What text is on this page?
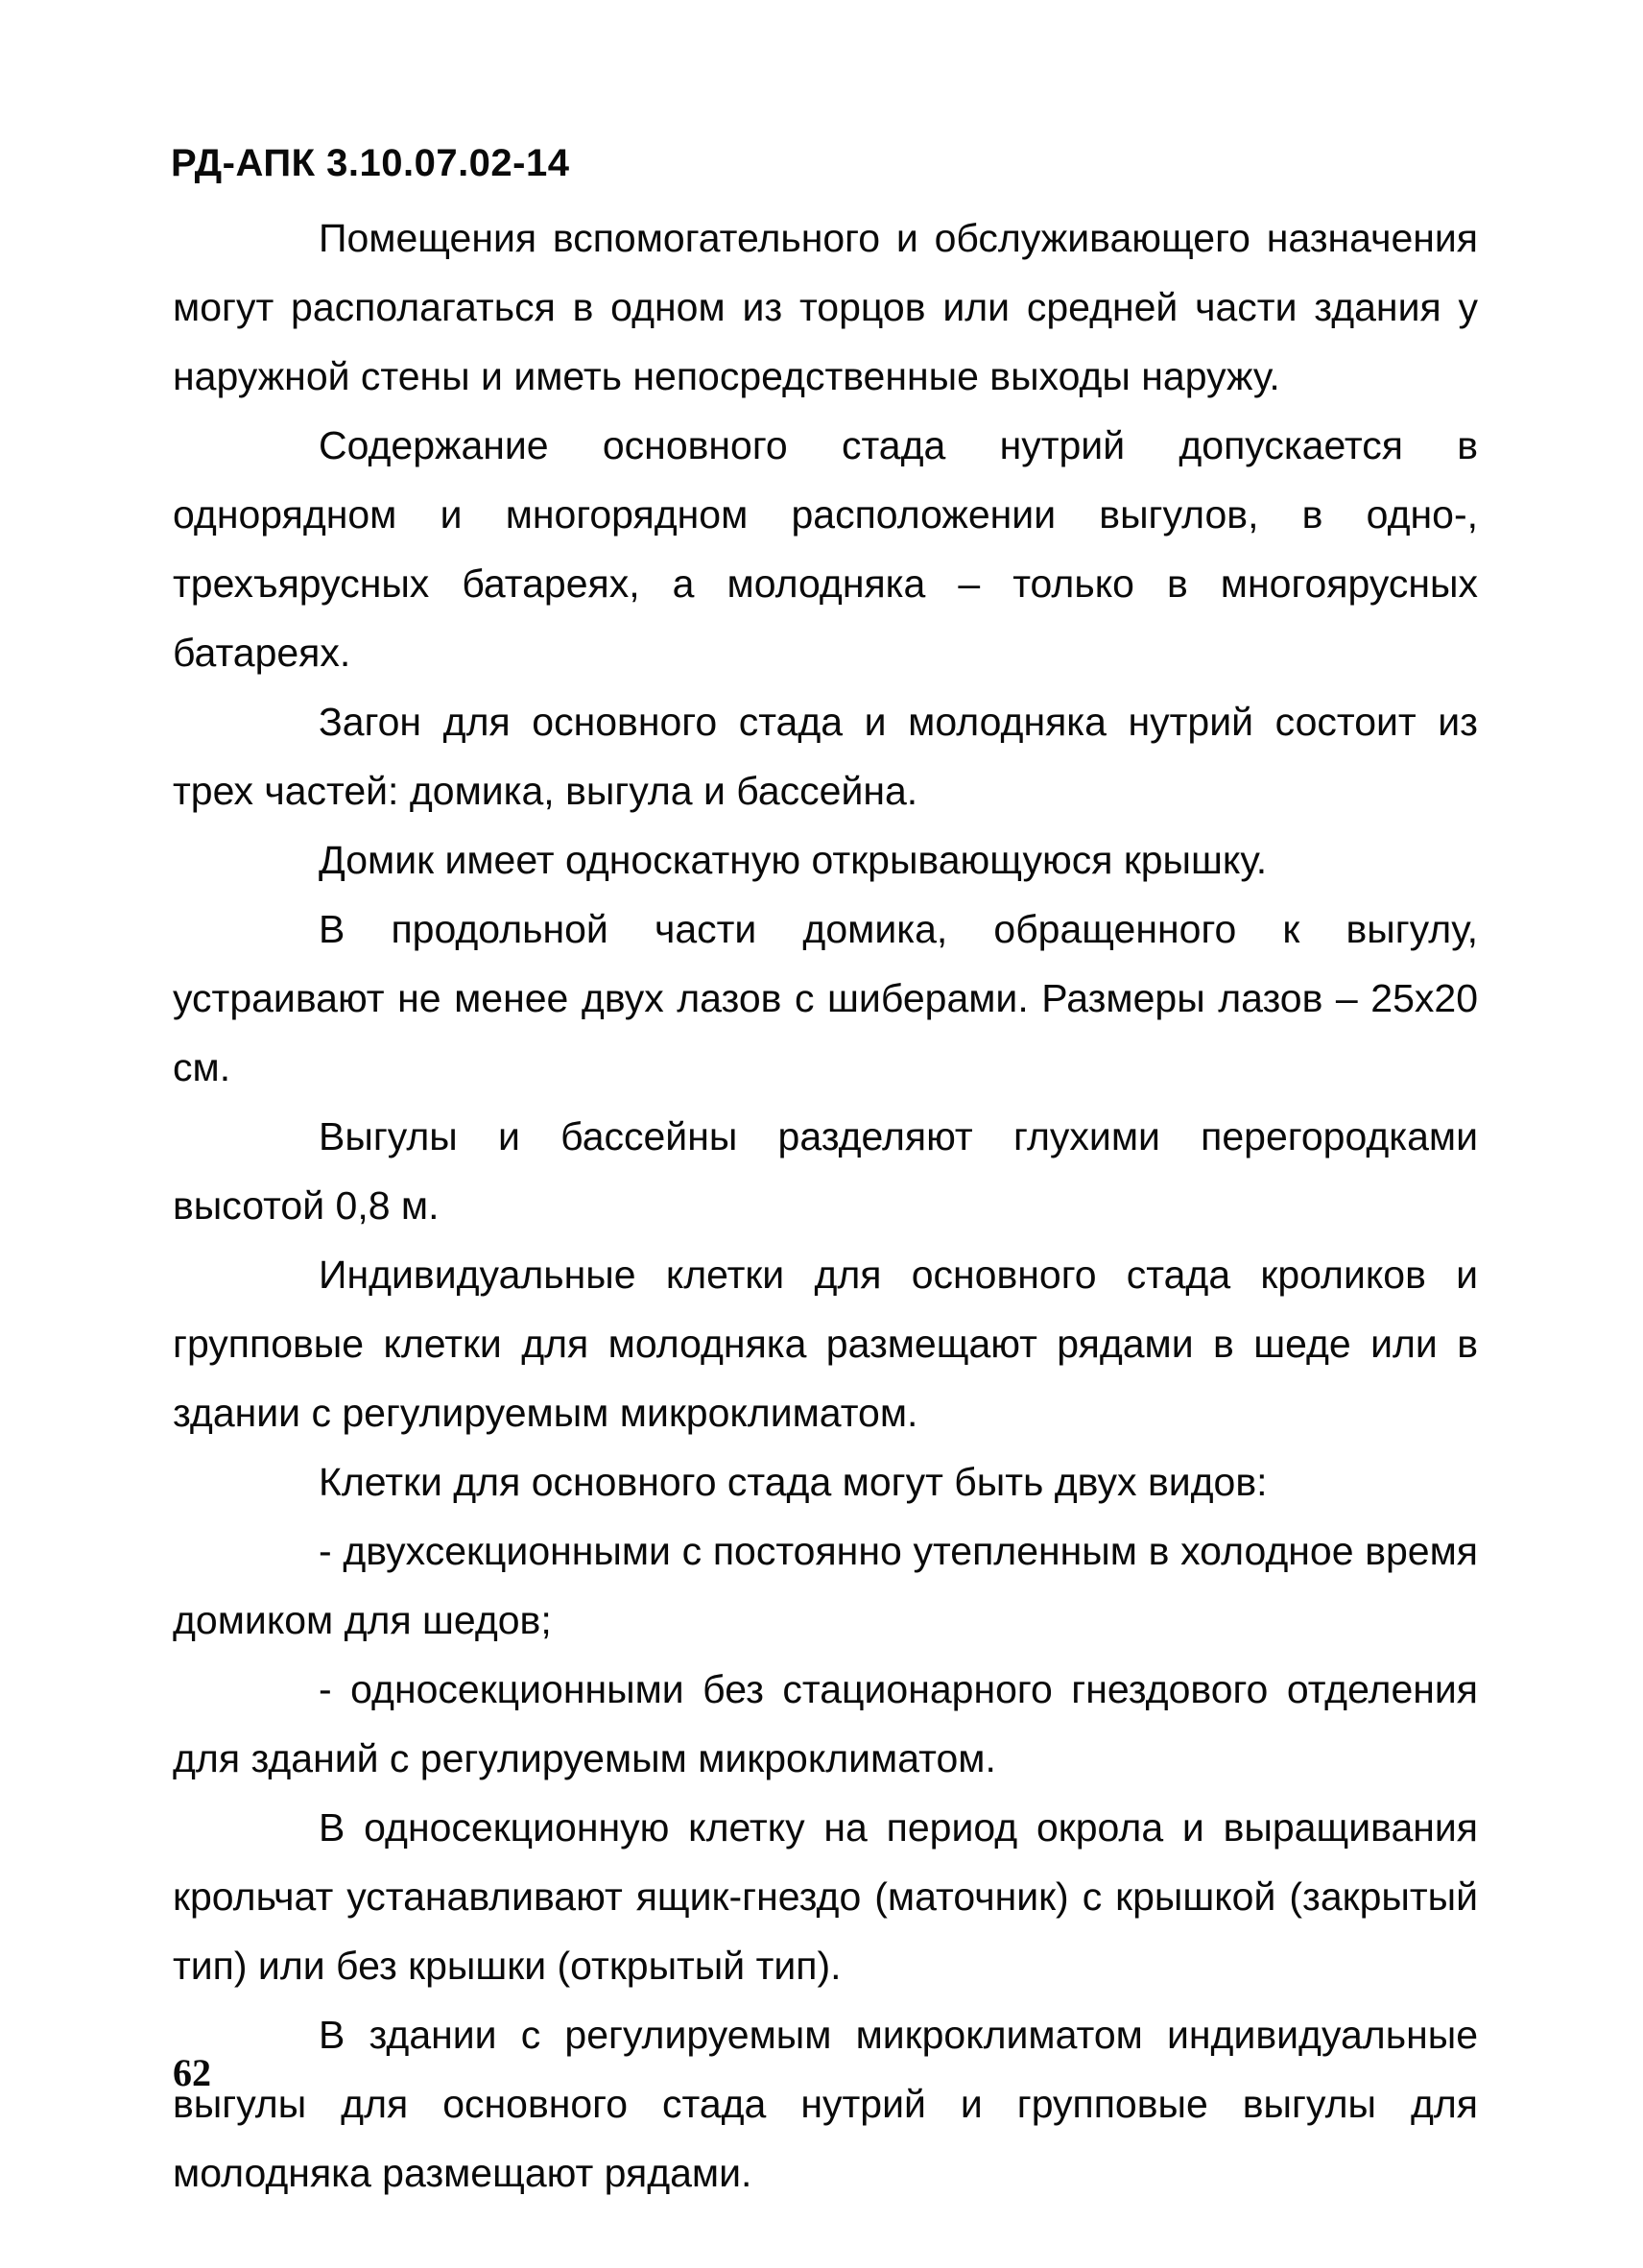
РД-АПК 3.10.07.02-14

Помещения вспомогательного и обслуживающего назначения могут располагаться в одном из торцов или средней части здания у наружной стены и иметь непосредственные выходы наружу.

Содержание основного стада нутрий допускается в однорядном и многорядном расположении выгулов, в одно-, трехъярусных батареях, а молодняка – только в многоярусных батареях.

Загон для основного стада и молодняка нутрий состоит из трех частей: домика, выгула и бассейна.

Домик имеет односкатную открывающуюся крышку.

В продольной части домика, обращенного к выгулу, устраивают не менее двух лазов с шиберами. Размеры лазов – 25х20 см.

Выгулы и бассейны разделяют глухими перегородками высотой 0,8 м.

Индивидуальные клетки для основного стада кроликов и групповые клетки для молодняка размещают рядами в шеде или в здании с регулируемым микроклиматом.

Клетки для основного стада могут быть двух видов:

- двухсекционными с постоянно утепленным в холодное время домиком для шедов;

- односекционными без стационарного гнездового отделения для зданий с регулируемым микроклиматом.

В односекционную клетку на период окрола и выращивания крольчат устанавливают ящик-гнездо (маточник) с крышкой (закрытый тип) или без крышки (открытый тип).

В здании с регулируемым микроклиматом индивидуальные выгулы для основного стада нутрий и групповые выгулы для молодняка размещают рядами.

62
